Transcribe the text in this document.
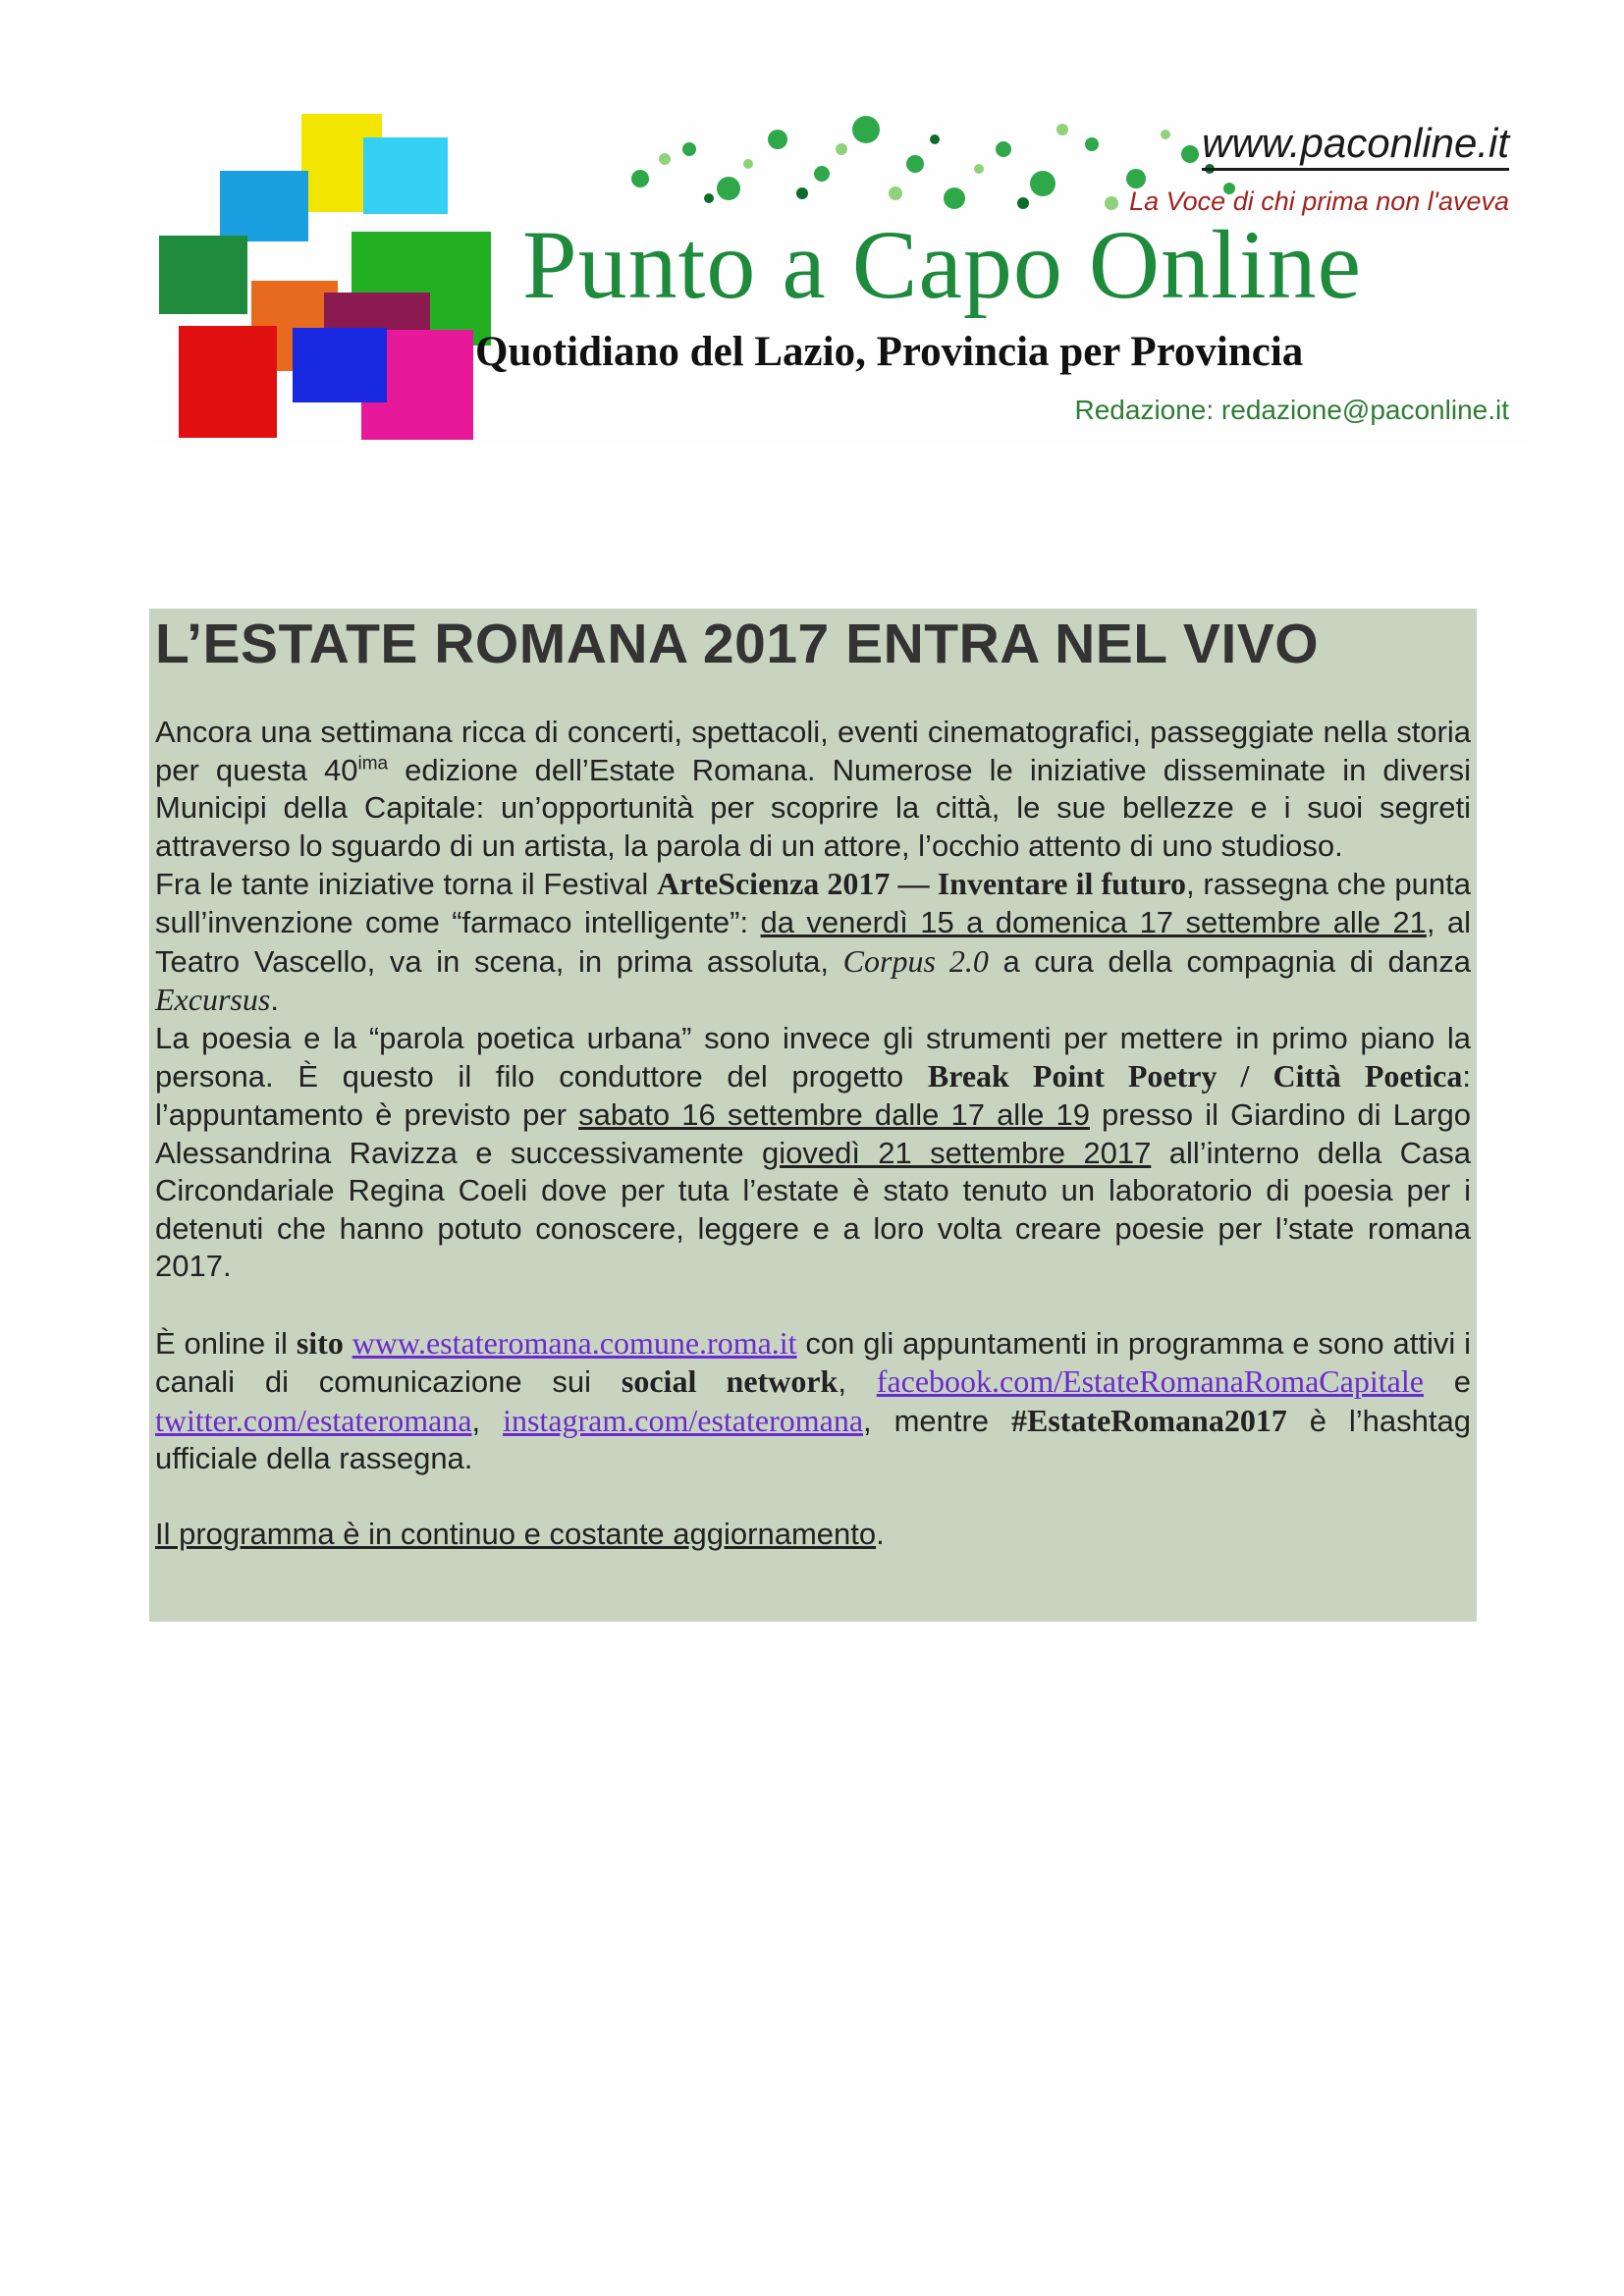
www.paconline.it
La Voce di chi prima non l'aveva
Punto a Capo Online
Quotidiano del Lazio, Provincia per Provincia
Redazione: redazione@paconline.it
L’ESTATE ROMANA 2017 ENTRA NEL VIVO

Ancora una settimana ricca di concerti, spettacoli, eventi cinematografici, passeggiate nella storia per questa $40^{ima}$ edizione dell’Estate Romana. Numerose le iniziative disseminate in diversi Municipi della Capitale: un’opportunità per scoprire la città, le sue bellezze e i suoi segreti attraverso lo sguardo di un artista, la parola di un attore, l’occhio attento di uno studioso.

Fra le tante iniziative torna il Festival ArteScienza 2017 — Inventare il futuro, rassegna che punta sull’invenzione come “farmaco intelligente”: da venerdì 15 a domenica 17 settembre alle 21, al Teatro Vascello, va in scena, in prima assoluta, Corpus 2.0 a cura della compagnia di danza Excursus.

La poesia e la “parola poetica urbana” sono invece gli strumenti per mettere in primo piano la persona. È questo il filo conduttore del progetto Break Point Poetry / Città Poetica: l’appuntamento è previsto per sabato 16 settembre dalle 17 alle 19 presso il Giardino di Largo Alessandrina Ravizza e successivamente giovedì 21 settembre 2017 all’interno della Casa Circondariale Regina Coeli dove per tuta l’estate è stato tenuto un laboratorio di poesia per i detenuti che hanno potuto conoscere, leggere e a loro volta creare poesie per l’state romana 2017.

È online il sito www.estateromana.comune.roma.it con gli appuntamenti in programma e sono attivi i canali di comunicazione sui social network, facebook.com/EstateRomanaRomaCapitale e twitter.com/estateromana, instagram.com/estateromana, mentre #EstateRomana2017 è l’hashtag ufficiale della rassegna.

Il programma è in continuo e costante aggiornamento.
